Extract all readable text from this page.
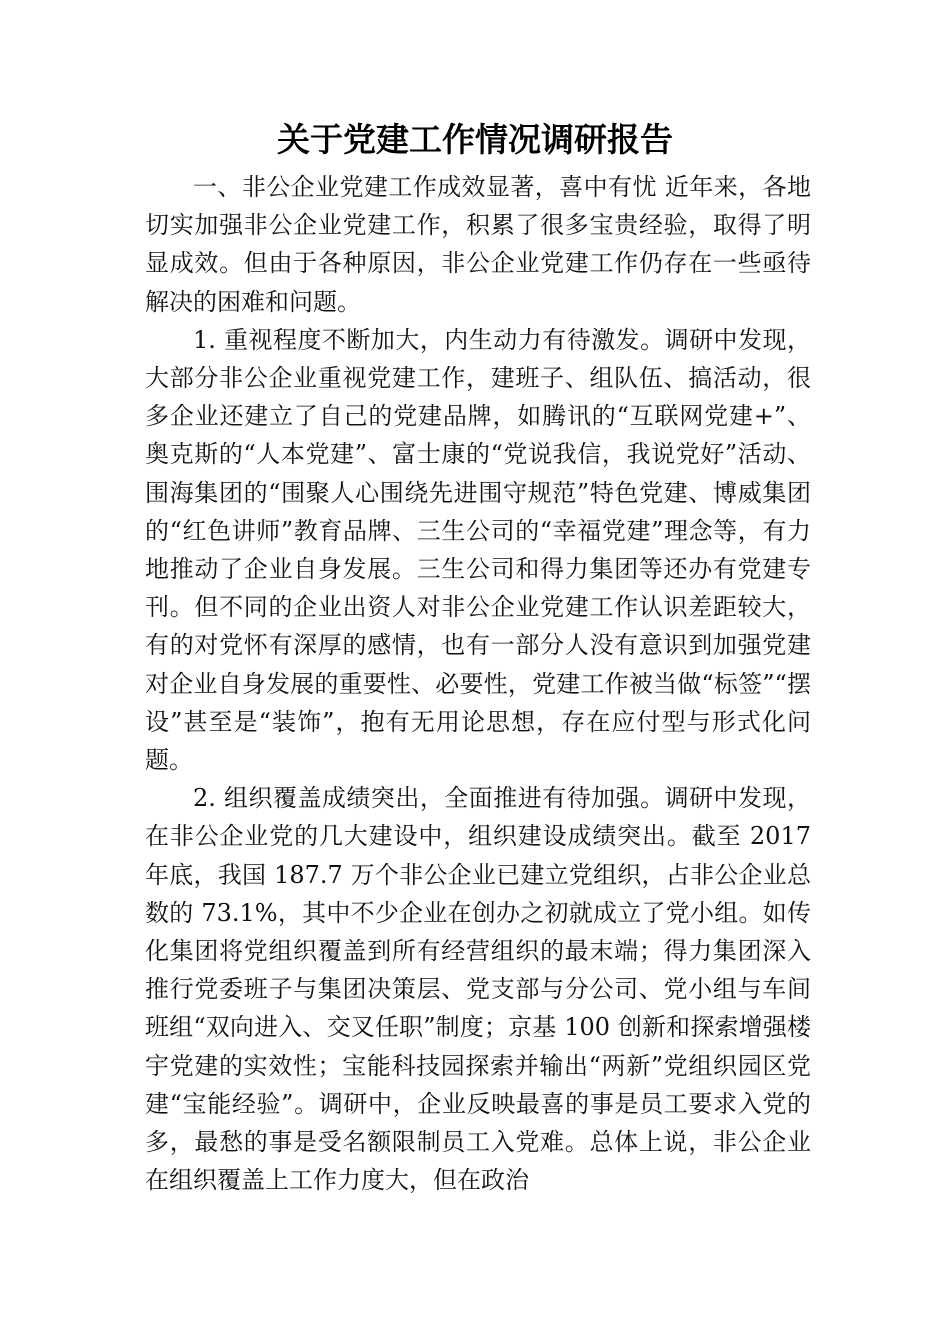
关于党建工作情况调研报告

一、非公企业党建工作成效显著，喜中有忧 近年来，各地切实加强非公企业党建工作，积累了很多宝贵经验，取得了明显成效。但由于各种原因，非公企业党建工作仍存在一些亟待解决的困难和问题。

1. 重视程度不断加大，内生动力有待激发。调研中发现，大部分非公企业重视党建工作，建班子、组队伍、搞活动，很多企业还建立了自己的党建品牌，如腾讯的“互联网党建+”、奥克斯的“人本党建”、富士康的“党说我信，我说党好”活动、围海集团的“围聚人心围绕先进围守规范”特色党建、博威集团的“红色讲师”教育品牌、三生公司的“幸福党建”理念等，有力地推动了企业自身发展。三生公司和得力集团等还办有党建专刊。但不同的企业出资人对非公企业党建工作认识差距较大，有的对党怀有深厚的感情，也有一部分人没有意识到加强党建对企业自身发展的重要性、必要性，党建工作被当做“标签”“摆设”甚至是“装饰”，抱有无用论思想，存在应付型与形式化问题。

2. 组织覆盖成绩突出，全面推进有待加强。调研中发现，在非公企业党的几大建设中，组织建设成绩突出。截至 2017 年底，我国 187.7 万个非公企业已建立党组织，占非公企业总数的 73.1%，其中不少企业在创办之初就成立了党小组。如传化集团将党组织覆盖到所有经营组织的最末端；得力集团深入推行党委班子与集团决策层、党支部与分公司、党小组与车间班组“双向进入、交叉任职”制度；京基 100 创新和探索增强楼宇党建的实效性；宝能科技园探索并输出“两新”党组织园区党建“宝能经验”。调研中，企业反映最喜的事是员工要求入党的多，最愁的事是受名额限制员工入党难。总体上说，非公企业在组织覆盖上工作力度大，但在政治
